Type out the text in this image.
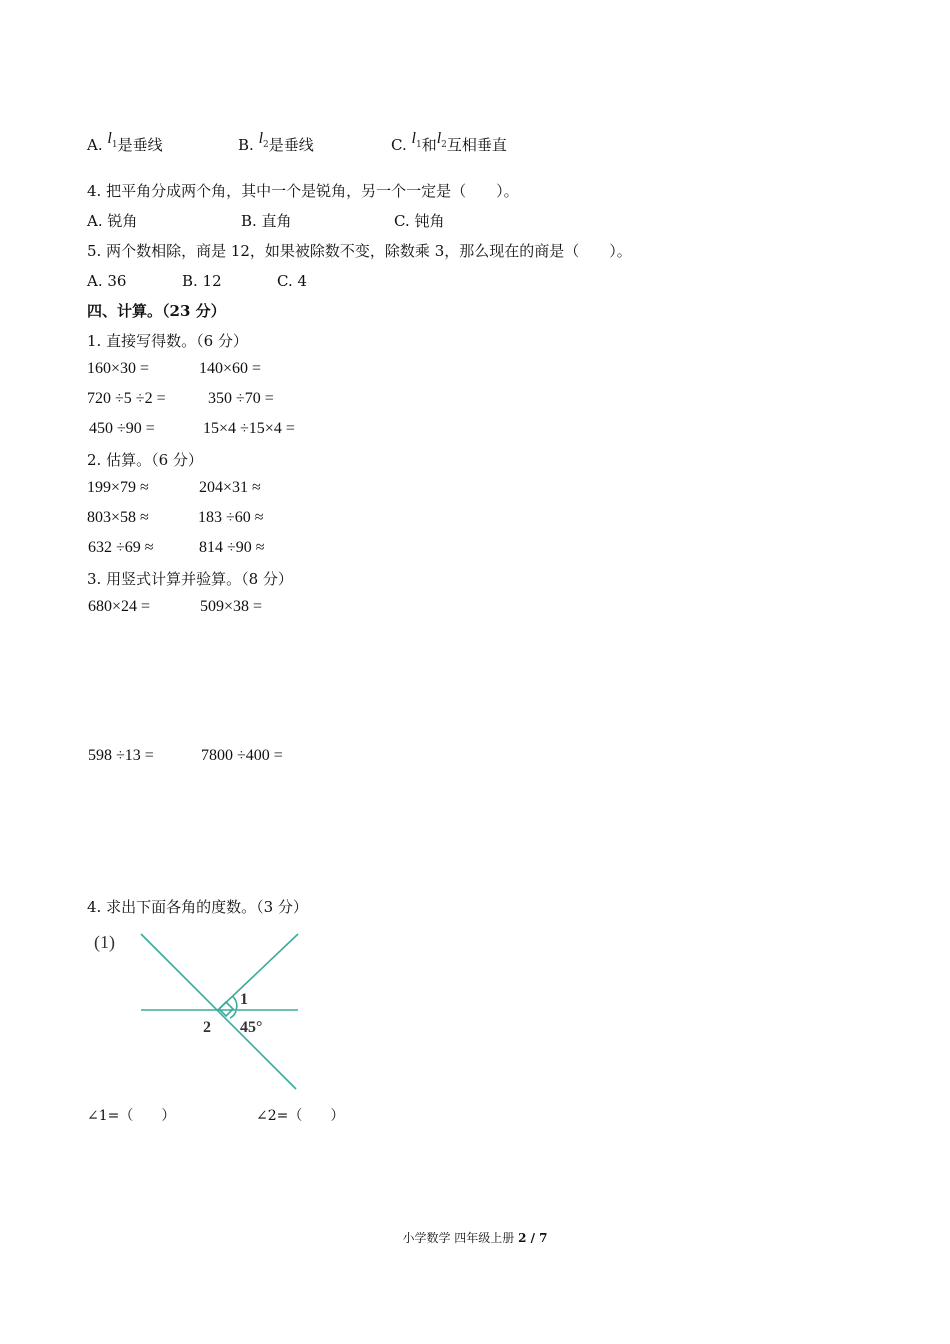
A. $l^1$是垂线	B. $l^2$是垂线	C. $l^1$和$l^2$互相垂直
4. 把平角分成两个角，其中一个是锐角，另一个一定是（　　）。
A. 锐角	B. 直角	C. 钝角
5. 两个数相除，商是 12，如果被除数不变，除数乘 3，那么现在的商是（　　）。
A. 36	B. 12	C. 4
四、计算。（23 分）
1. 直接写得数。（6 分）
160×30 =	140×60 =
720 ÷5 ÷2 =	350 ÷70 =
450 ÷90 =	15×4 ÷15×4 =
2. 估算。（6 分）
199×79 ≈	204×31 ≈
803×58 ≈	183 ÷60 ≈
632 ÷69 ≈	814 ÷90 ≈
3. 用竖式计算并验算。（8 分）
680×24 =	509×38 =
598 ÷13 =	7800 ÷400 =
4. 求出下面各角的度数。（3 分）
(1)
1
2 45°
∠1=（　　）	∠2=（　　）
小学数学 四年级上册 2 / 7
